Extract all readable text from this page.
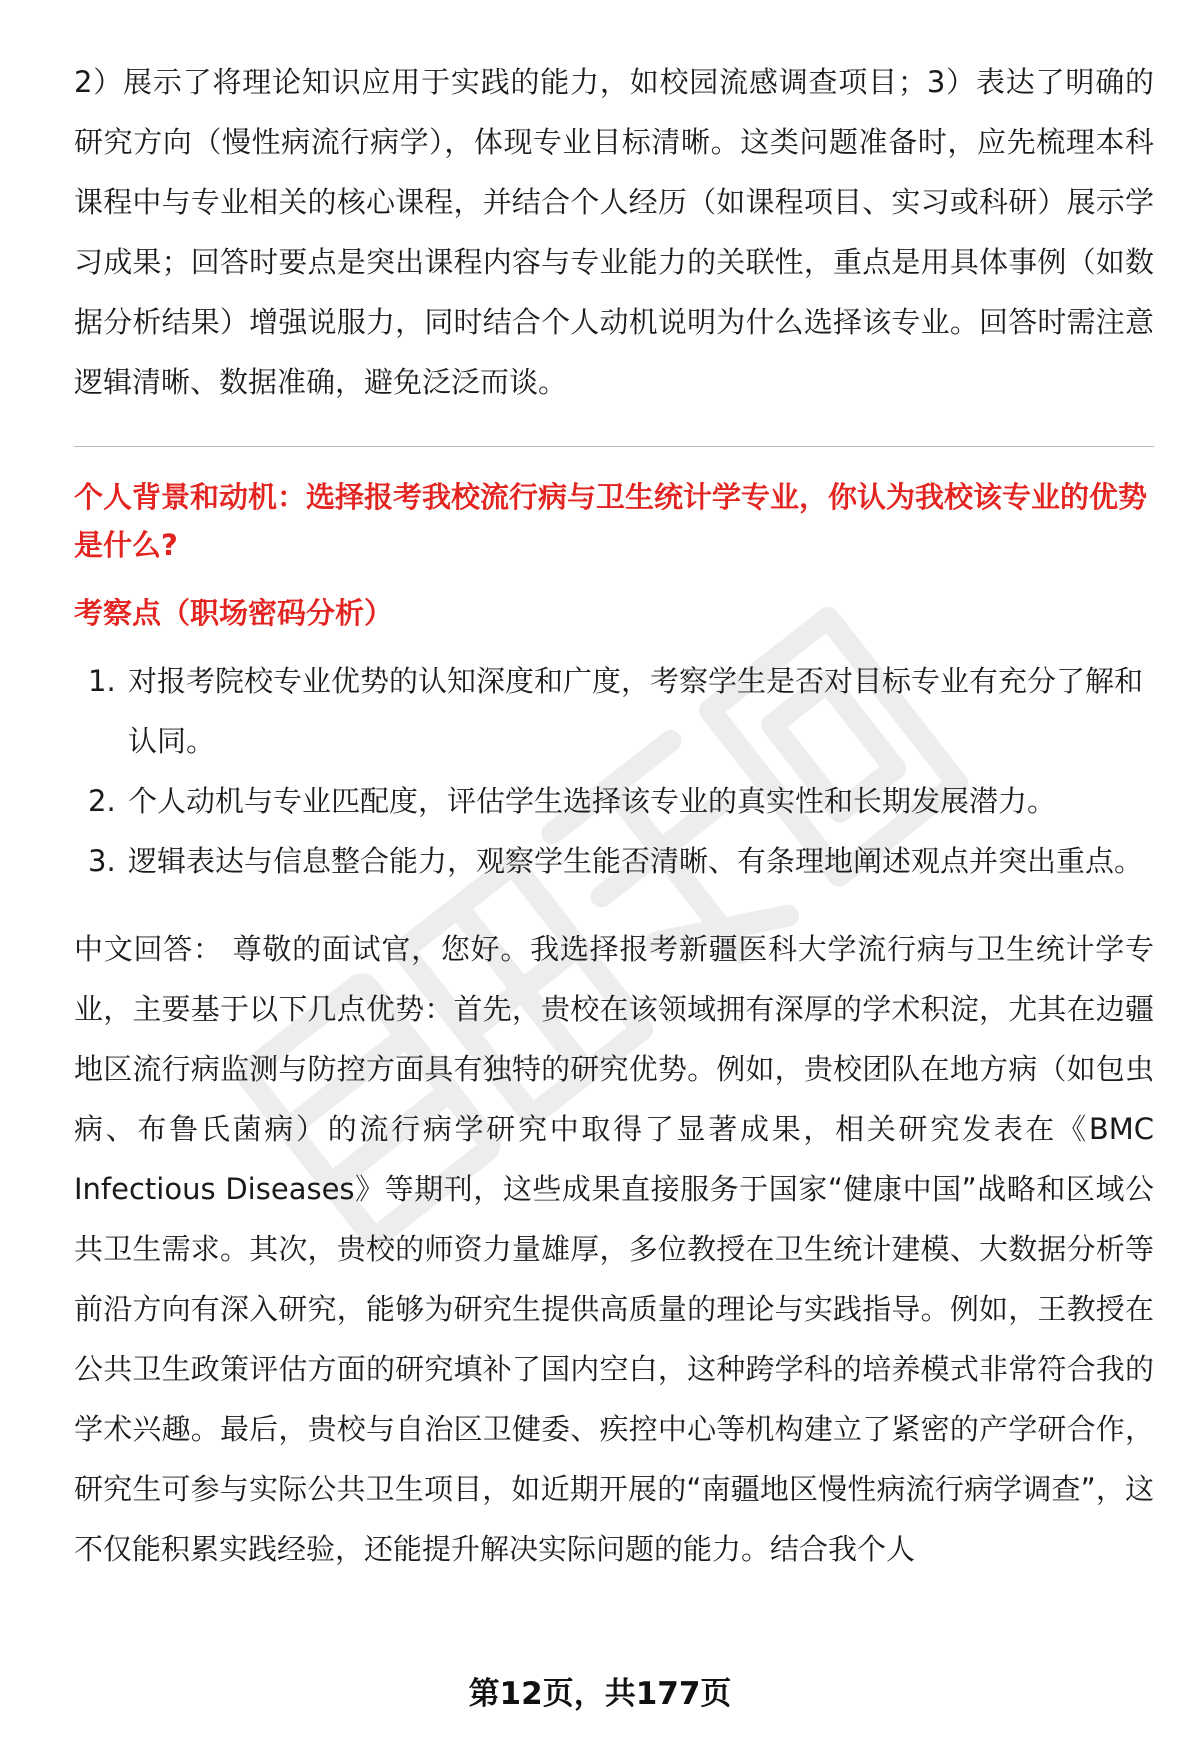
2）展示了将理论知识应用于实践的能力，如校园流感调查项目；3）表达了明确的研究方向（慢性病流行病学），体现专业目标清晰。这类问题准备时，应先梳理本科课程中与专业相关的核心课程，并结合个人经历（如课程项目、实习或科研）展示学习成果；回答时要点是突出课程内容与专业能力的关联性，重点是用具体事例（如数据分析结果）增强说服力，同时结合个人动机说明为什么选择该专业。回答时需注意逻辑清晰、数据准确，避免泛泛而谈。

个人背景和动机：选择报考我校流行病与卫生统计学专业，你认为我校该专业的优势是什么?

考察点（职场密码分析）

1. 对报考院校专业优势的认知深度和广度，考察学生是否对目标专业有充分了解和认同。
2. 个人动机与专业匹配度，评估学生选择该专业的真实性和长期发展潜力。
3. 逻辑表达与信息整合能力，观察学生能否清晰、有条理地阐述观点并突出重点。

中文回答： 尊敬的面试官，您好。我选择报考新疆医科大学流行病与卫生统计学专业，主要基于以下几点优势：首先，贵校在该领域拥有深厚的学术积淀，尤其在边疆地区流行病监测与防控方面具有独特的研究优势。例如，贵校团队在地方病（如包虫病、布鲁氏菌病）的流行病学研究中取得了显著成果，相关研究发表在《BMC Infectious Diseases》等期刊，这些成果直接服务于国家“健康中国”战略和区域公共卫生需求。其次，贵校的师资力量雄厚，多位教授在卫生统计建模、大数据分析等前沿方向有深入研究，能够为研究生提供高质量的理论与实践指导。例如，王教授在公共卫生政策评估方面的研究填补了国内空白，这种跨学科的培养模式非常符合我的学术兴趣。最后，贵校与自治区卫健委、疾控中心等机构建立了紧密的产学研合作，研究生可参与实际公共卫生项目，如近期开展的“南疆地区慢性病流行病学调查”，这不仅能积累实践经验，还能提升解决实际问题的能力。结合我个人

第12页，共177页
